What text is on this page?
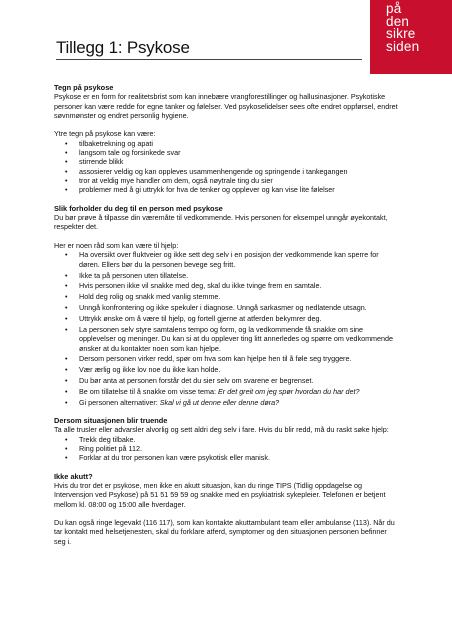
på
den
sikre
siden
Tillegg 1: Psykose
Tegn på psykose

Psykose er en form for realitetsbrist som kan innebære vrangforestillinger og hallusinasjoner. Psykotiske personer kan være redde for egne tanker og følelser. Ved psykoselidelser sees ofte endret oppførsel, endret søvnmønster og endret personlig hygiene.

Ytre tegn på psykose kan være:

• tilbaketrekning og apati
• langsom tale og forsinkede svar
• stirrende blikk
• assosierer veldig og kan oppleves usammenhengende og springende i tankegangen
• tror at veldig mye handler om dem, også nøytrale ting du sier
• problemer med å gi uttrykk for hva de tenker og opplever og kan vise lite følelser
Slik forholder du deg til en person med psykose

Du bør prøve å tilpasse din væremåte til vedkommende. Hvis personen for eksempel unngår øyekontakt, respekter det.

Her er noen råd som kan være til hjelp:

• Ha oversikt over fluktveier og ikke sett deg selv i en posisjon der vedkommende kan sperre for døren. Ellers bør du la personen bevege seg fritt.
• Ikke ta på personen uten tillatelse.
• Hvis personen ikke vil snakke med deg, skal du ikke tvinge frem en samtale.
• Hold deg rolig og snakk med vanlig stemme.
• Unngå konfrontering og ikke spekuler i diagnose. Unngå sarkasmer og nedlatende utsagn.
• Uttrykk ønske om å være til hjelp, og fortell gjerne at atferden bekymrer deg.
• La personen selv styre samtalens tempo og form, og la vedkommende få snakke om sine opplevelser og meninger. Du kan si at du opplever ting litt annerledes og spørre om vedkommende ønsker at du kontakter noen som kan hjelpe.
• Dersom personen virker redd, spør om hva som kan hjelpe hen til å føle seg tryggere.
• Vær ærlig og ikke lov noe du ikke kan holde.
• Du bør anta at personen forstår det du sier selv om svarene er begrenset.
• Be om tillatelse til å snakke om visse tema: Er det greit om jeg spør hvordan du har det?
• Gi personen alternativer: Skal vi gå ut denne eller denne døra?
Dersom situasjonen blir truende

Ta alle trusler eller advarsler alvorlig og sett aldri deg selv i fare. Hvis du blir redd, må du raskt søke hjelp:

• Trekk deg tilbake.
• Ring politiet på 112.
• Forklar at du tror personen kan være psykotisk eller manisk.
Ikke akutt?

Hvis du tror det er psykose, men ikke en akutt situasjon, kan du ringe TIPS (Tidlig oppdagelse og Intervensjon ved Psykose) på 51 51 59 59 og snakke med en psykiatrisk sykepleier. Telefonen er betjent mellom kl. 08:00 og 15:00 alle hverdager.

Du kan også ringe legevakt (116 117), som kan kontakte akuttambulant team eller ambulanse (113). Når du tar kontakt med helsetjenesten, skal du forklare atferd, symptomer og den situasjonen personen befinner seg i.
